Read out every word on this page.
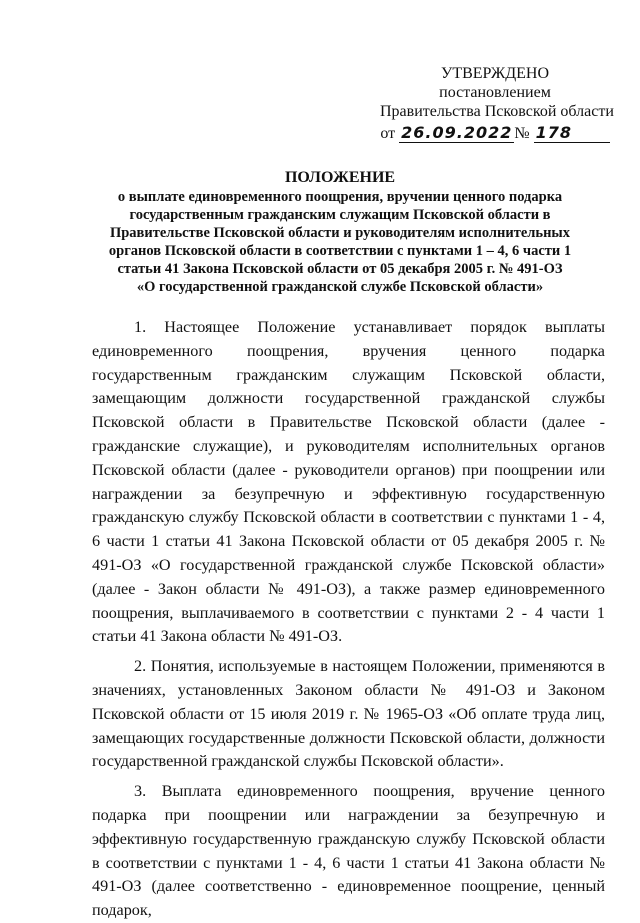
УТВЕРЖДЕНО
постановлением
Правительства Псковской области
от 26.09.2022 № 178
ПОЛОЖЕНИЕ
о выплате единовременного поощрения, вручении ценного подарка
государственным гражданским служащим Псковской области в
Правительстве Псковской области и руководителям исполнительных
органов Псковской области в соответствии с пунктами 1 – 4, 6 части 1
статьи 41 Закона Псковской области от 05 декабря 2005 г. № 491-ОЗ
«О государственной гражданской службе Псковской области»

1. Настоящее Положение устанавливает порядок выплаты единовременного поощрения, вручения ценного подарка государственным гражданским служащим Псковской области, замещающим должности государственной гражданской службы Псковской области в Правительстве Псковской области (далее - гражданские служащие), и руководителям исполнительных органов Псковской области (далее - руководители органов) при поощрении или награждении за безупречную и эффективную государственную гражданскую службу Псковской области в соответствии с пунктами 1 - 4, 6 части 1 статьи 41 Закона Псковской области от 05 декабря 2005 г. № 491-ОЗ «О государственной гражданской службе Псковской области» (далее - Закон области № 491-ОЗ), а также размер единовременного поощрения, выплачиваемого в соответствии с пунктами 2 - 4 части 1 статьи 41 Закона области № 491-ОЗ.

2. Понятия, используемые в настоящем Положении, применяются в значениях, установленных Законом области № 491-ОЗ и Законом Псковской области от 15 июля 2019 г. № 1965-ОЗ «Об оплате труда лиц, замещающих государственные должности Псковской области, должности государственной гражданской службы Псковской области».

3. Выплата единовременного поощрения, вручение ценного подарка при поощрении или награждении за безупречную и эффективную государственную гражданскую службу Псковской области в соответствии с пунктами 1 - 4, 6 части 1 статьи 41 Закона области № 491-ОЗ (далее соответственно - единовременное поощрение, ценный подарок,
